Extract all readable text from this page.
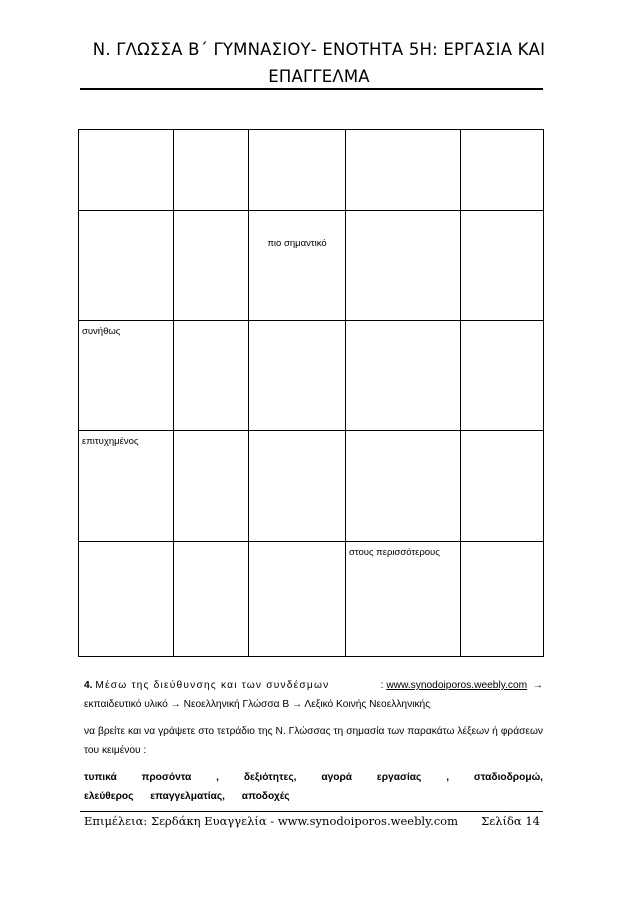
Ν. ΓΛΩΣΣΑ Β΄ ΓΥΜΝΑΣΙΟΥ- ΕΝΟΤΗΤΑ 5Η: ΕΡΓΑΣΙΑ ΚΑΙ
ΕΠΑΓΓΕΛΜΑ

		πιο σημαντικό		
συνήθως				
επιτυχημένος				
			στους περισσότερους	
4. Μέσω της διεύθυνσης και των συνδέσμων	: www.synodoiporos.weebly.com →

εκπαιδευτικό υλικό → Νεοελληνική Γλώσσα Β → Λεξικό Κοινής Νεοελληνικής

να βρείτε και να γράψετε στο τετράδιο της Ν. Γλώσσας τη σημασία των παρακάτω λέξεων ή φράσεων του κειμένου :

τυπικά προσόντα , δεξιότητες, αγορά εργασίας , σταδιοδρομώ, ελεύθερος επαγγελματίας, αποδοχές

Επιμέλεια: Σερδάκη Ευαγγελία - www.synodoiporos.weebly.com Σελίδα 14
